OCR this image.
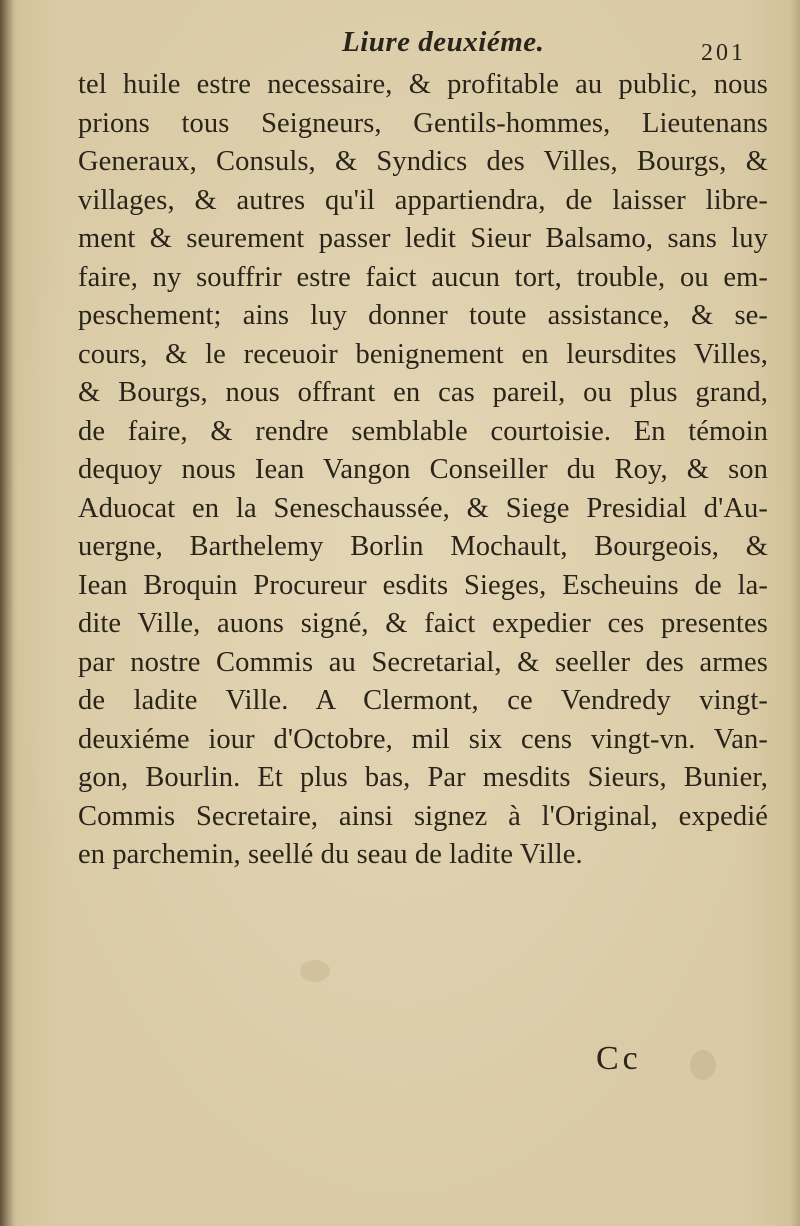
Liure deuxiéme.	201
tel huile estre necessaire, & profitable au public, nous
prions tous Seigneurs, Gentils-hommes, Lieutenans
Generaux, Consuls, & Syndics des Villes, Bourgs, &
villages, & autres qu'il appartiendra, de laisser libre-
ment & seurement passer ledit Sieur Balsamo, sans luy
faire, ny souffrir estre faict aucun tort, trouble, ou em-
peschement; ains luy donner toute assistance, & se-
cours, & le receuoir benignement en leursdites Villes,
& Bourgs, nous offrant en cas pareil, ou plus grand,
de faire, & rendre semblable courtoisie. En témoin
dequoy nous Iean Vangon Conseiller du Roy, & son
Aduocat en la Seneschaussée, & Siege Presidial d'Au-
uergne, Barthelemy Borlin Mochault, Bourgeois, &
Iean Broquin Procureur esdits Sieges, Escheuins de la-
dite Ville, auons signé, & faict expedier ces presentes
par nostre Commis au Secretarial, & seeller des armes
de ladite Ville. A Clermont, ce Vendredy vingt-
deuxiéme iour d'Octobre, mil six cens vingt-vn. Van-
gon, Bourlin. Et plus bas, Par mesdits Sieurs, Bunier,
Commis Secretaire, ainsi signez à l'Original, expedié
en parchemin, seellé du seau de ladite Ville.
Cc
